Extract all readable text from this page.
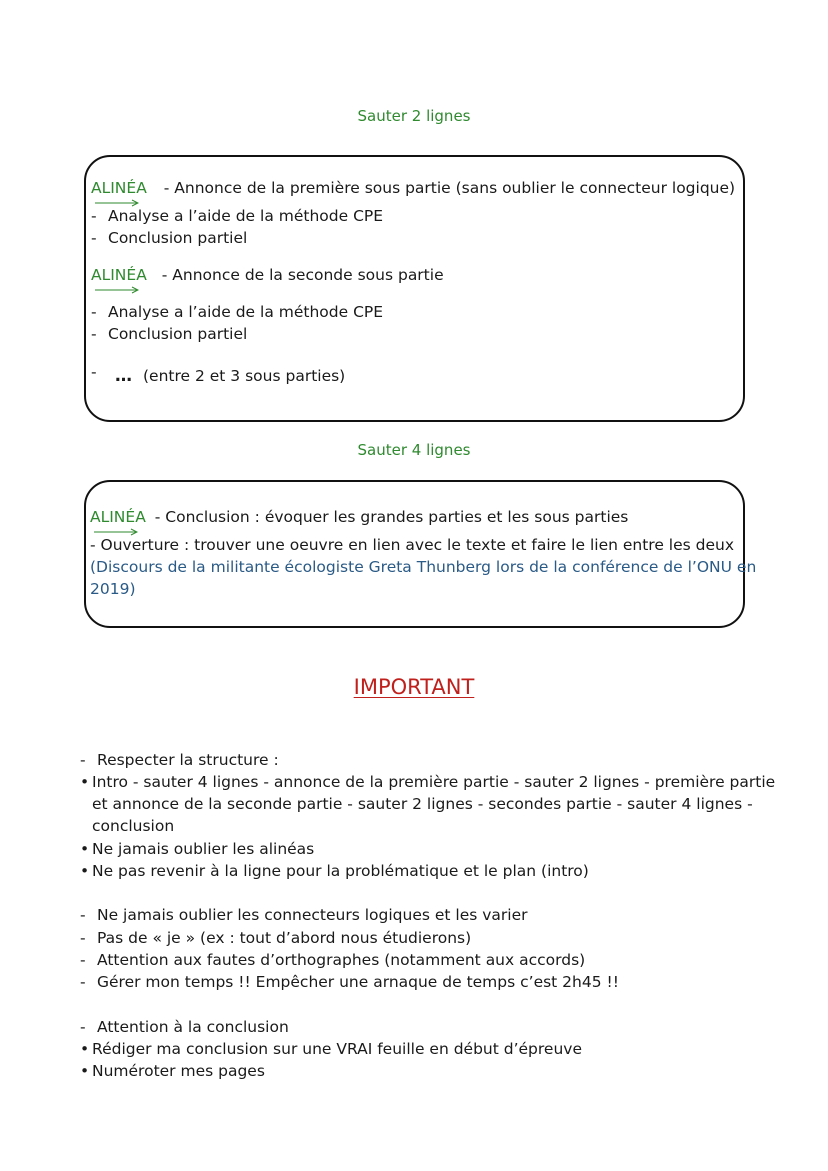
Sauter 2 lignes
ALINÉA - Annonce de la première sous partie (sans oublier le connecteur logique)
- Analyse a l’aide de la méthode CPE
- Conclusion partiel
ALINÉA - Annonce de la seconde sous partie
- Analyse a l’aide de la méthode CPE
- Conclusion partiel
- … (entre 2 et 3 sous parties)
Sauter 4 lignes
ALINÉA - Conclusion : évoquer les grandes parties et les sous parties
- Ouverture : trouver une oeuvre en lien avec le texte et faire le lien entre les deux
(Discours de la militante écologiste Greta Thunberg lors de la conférence de l’ONU en
2019)
IMPORTANT
- Respecter la structure :
• Intro - sauter 4 lignes - annonce de la première partie - sauter 2 lignes - première partie
et annonce de la seconde partie - sauter 2 lignes - secondes partie - sauter 4 lignes -
conclusion
• Ne jamais oublier les alinéas
• Ne pas revenir à la ligne pour la problématique et le plan (intro)
- Ne jamais oublier les connecteurs logiques et les varier
- Pas de « je » (ex : tout d’abord nous étudierons)
- Attention aux fautes d’orthographes (notamment aux accords)
- Gérer mon temps !! Empêcher une arnaque de temps c’est 2h45 !!
- Attention à la conclusion
• Rédiger ma conclusion sur une VRAI feuille en début d’épreuve
• Numéroter mes pages
